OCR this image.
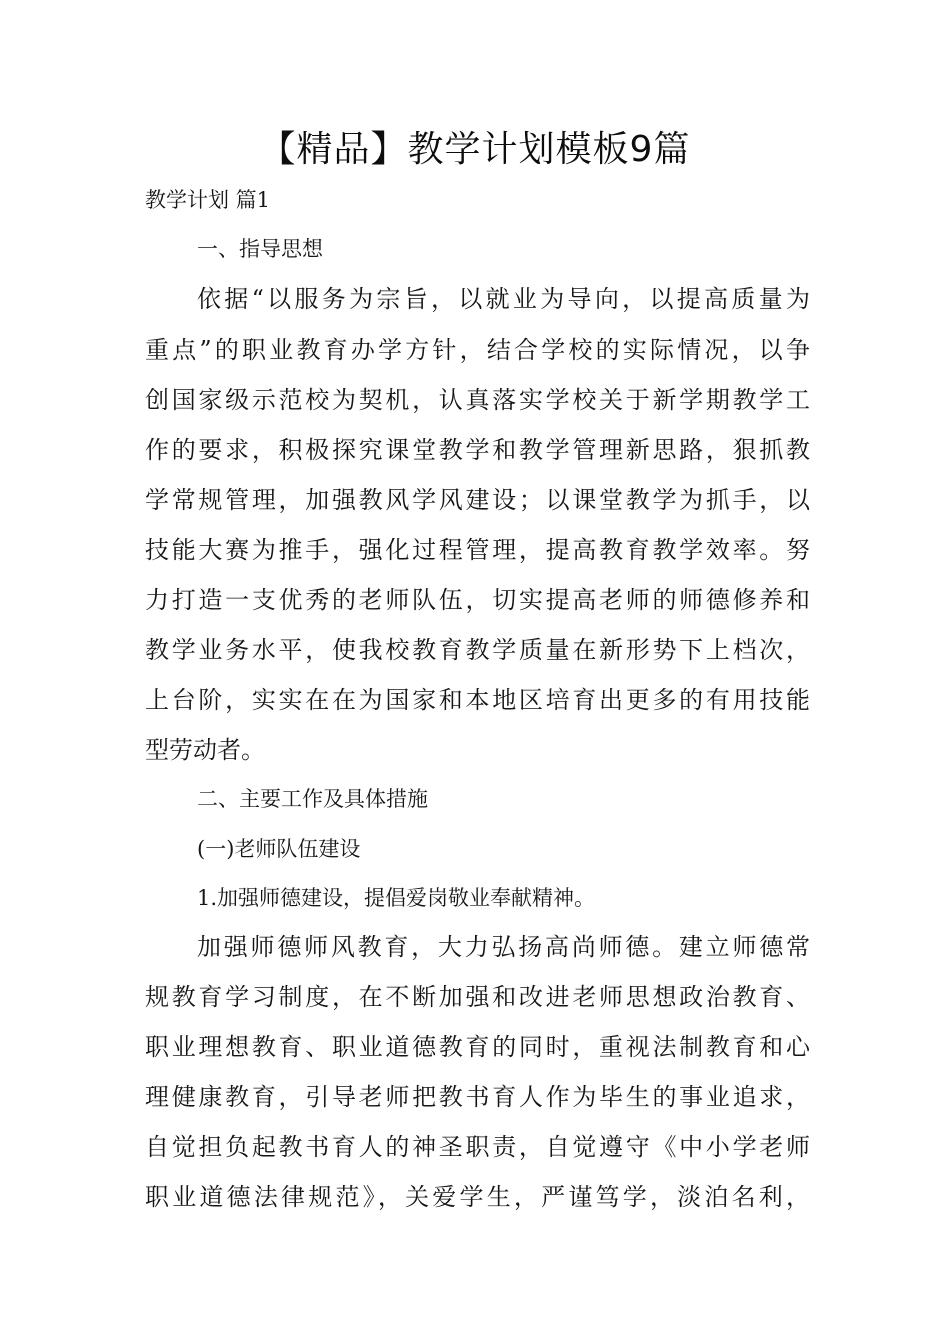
【精品】教学计划模板9篇
教学计划 篇1
一、指导思想
依据“以服务为宗旨，以就业为导向，以提高质量为
重点”的职业教育办学方针，结合学校的实际情况，以争
创国家级示范校为契机，认真落实学校关于新学期教学工
作的要求，积极探究课堂教学和教学管理新思路，狠抓教
学常规管理，加强教风学风建设；以课堂教学为抓手，以
技能大赛为推手，强化过程管理，提高教育教学效率。努
力打造一支优秀的老师队伍，切实提高老师的师德修养和
教学业务水平，使我校教育教学质量在新形势下上档次，
上台阶，实实在在为国家和本地区培育出更多的有用技能
型劳动者。
二、主要工作及具体措施
(一)老师队伍建设
1.加强师德建设，提倡爱岗敬业奉献精神。
加强师德师风教育，大力弘扬高尚师德。建立师德常
规教育学习制度，在不断加强和改进老师思想政治教育、
职业理想教育、职业道德教育的同时，重视法制教育和心
理健康教育，引导老师把教书育人作为毕生的事业追求，
自觉担负起教书育人的神圣职责，自觉遵守《中小学老师
职业道德法律规范》，关爱学生，严谨笃学，淡泊名利，
